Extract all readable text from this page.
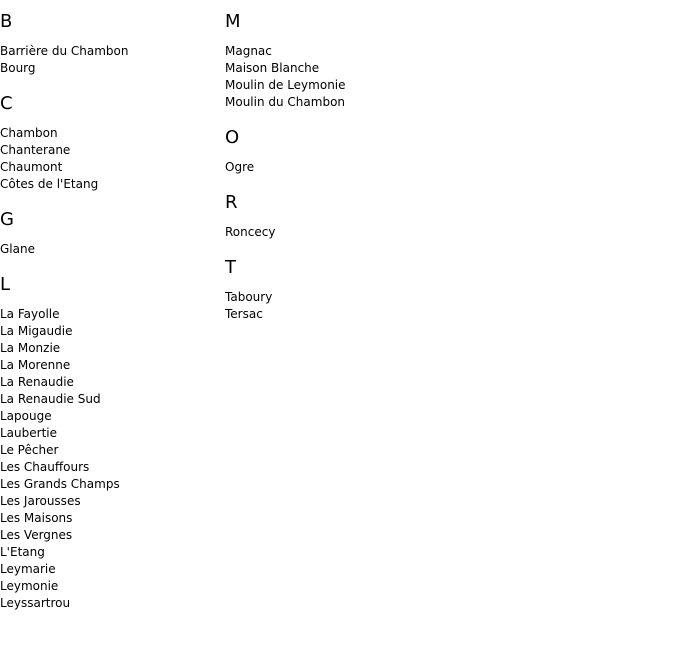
B
Barrière du Chambon
Bourg
C
Chambon
Chanterane
Chaumont
Côtes de l'Etang
G
Glane
L
La Fayolle
La Migaudie
La Monzie
La Morenne
La Renaudie
La Renaudie Sud
Lapouge
Laubertie
Le Pêcher
Les Chauffours
Les Grands Champs
Les Jarousses
Les Maisons
Les Vergnes
L'Etang
Leymarie
Leymonie
Leyssartrou
M
Magnac
Maison Blanche
Moulin de Leymonie
Moulin du Chambon
O
Ogre
R
Roncecy
T
Taboury
Tersac
